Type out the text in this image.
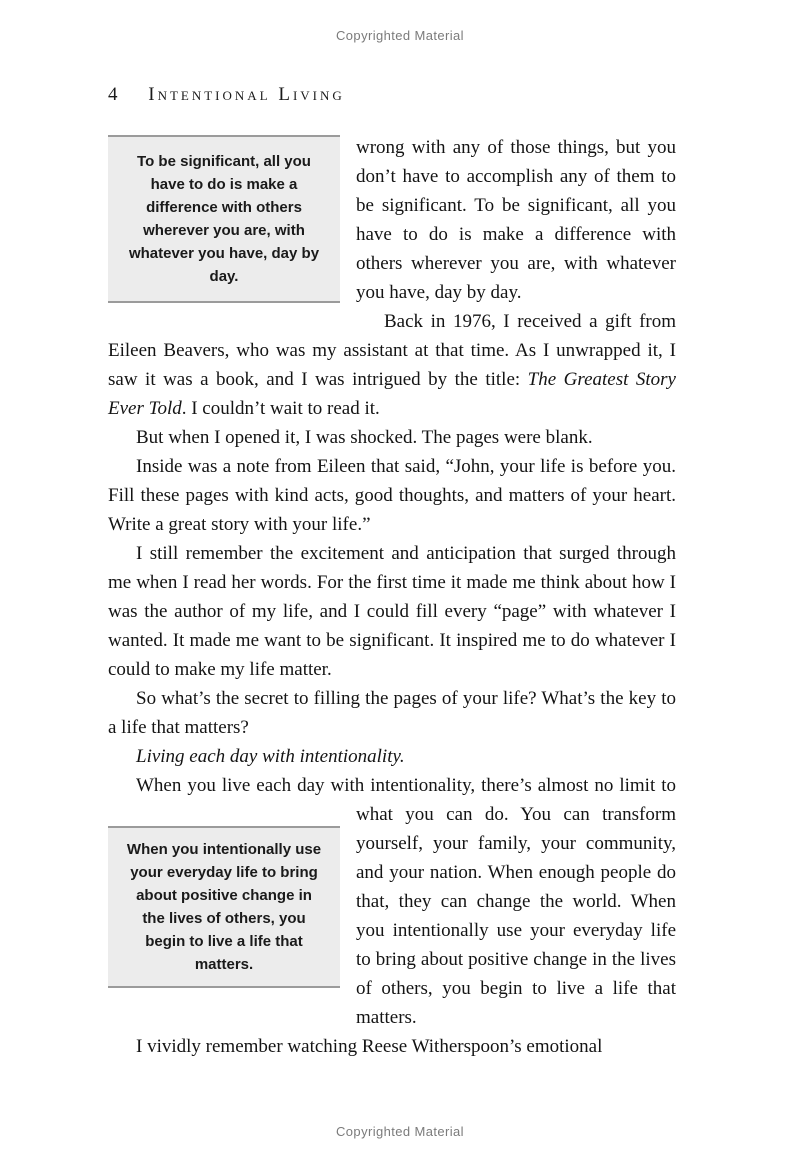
Copyrighted Material
4 Intentional Living

To be significant, all you have to do is make a difference with others wherever you are, with whatever you have, day by day.
wrong with any of those things, but you don’t have to accomplish any of them to be significant. To be significant, all you have to do is make a difference with others wherever you are, with whatever you have, day by day.

Back in 1976, I received a gift from Eileen Beavers, who was my assistant at that time. As I unwrapped it, I saw it was a book, and I was intrigued by the title: The Greatest Story Ever Told. I couldn’t wait to read it.

But when I opened it, I was shocked. The pages were blank.

Inside was a note from Eileen that said, “John, your life is before you. Fill these pages with kind acts, good thoughts, and matters of your heart. Write a great story with your life.”

I still remember the excitement and anticipation that surged through me when I read her words. For the first time it made me think about how I was the author of my life, and I could fill every “page” with whatever I wanted. It made me want to be significant. It inspired me to do whatever I could to make my life matter.

So what’s the secret to filling the pages of your life? What’s the key to a life that matters?

Living each day with intentionality.

When you live each day with intentionality, there’s almost no
When you intentionally use your everyday life to bring about positive change in the lives of others, you begin to live a life that matters.
limit to what you can do. You can transform yourself, your family, your community, and your nation. When enough people do that, they can change the world. When you intentionally use your everyday life to bring about positive change in the lives of others, you begin to live a life that matters.

I vividly remember watching Reese Witherspoon’s emotional

Copyrighted Material
